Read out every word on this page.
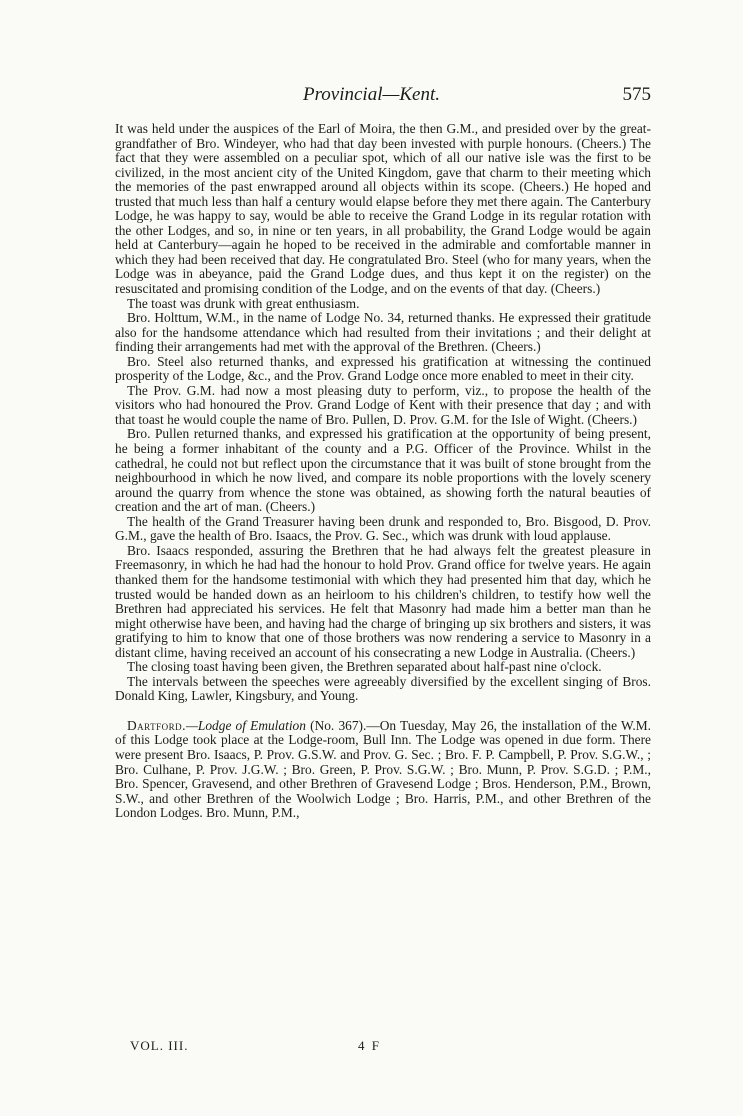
Provincial—Kent.	575

It was held under the auspices of the Earl of Moira, the then G.M., and presided over by the great-grandfather of Bro. Windeyer, who had that day been invested with purple honours. (Cheers.) The fact that they were assembled on a peculiar spot, which of all our native isle was the first to be civilized, in the most ancient city of the United Kingdom, gave that charm to their meeting which the memories of the past enwrapped around all objects within its scope. (Cheers.) He hoped and trusted that much less than half a century would elapse before they met there again. The Canterbury Lodge, he was happy to say, would be able to receive the Grand Lodge in its regular rotation with the other Lodges, and so, in nine or ten years, in all probability, the Grand Lodge would be again held at Canterbury—again he hoped to be received in the admirable and comfortable manner in which they had been received that day. He congratulated Bro. Steel (who for many years, when the Lodge was in abeyance, paid the Grand Lodge dues, and thus kept it on the register) on the resuscitated and promising condition of the Lodge, and on the events of that day. (Cheers.)

The toast was drunk with great enthusiasm.

Bro. Holttum, W.M., in the name of Lodge No. 34, returned thanks. He expressed their gratitude also for the handsome attendance which had resulted from their invitations ; and their delight at finding their arrangements had met with the approval of the Brethren. (Cheers.)

Bro. Steel also returned thanks, and expressed his gratification at witnessing the continued prosperity of the Lodge, &c., and the Prov. Grand Lodge once more enabled to meet in their city.

The Prov. G.M. had now a most pleasing duty to perform, viz., to propose the health of the visitors who had honoured the Prov. Grand Lodge of Kent with their presence that day ; and with that toast he would couple the name of Bro. Pullen, D. Prov. G.M. for the Isle of Wight. (Cheers.)

Bro. Pullen returned thanks, and expressed his gratification at the opportunity of being present, he being a former inhabitant of the county and a P.G. Officer of the Province. Whilst in the cathedral, he could not but reflect upon the circumstance that it was built of stone brought from the neighbourhood in which he now lived, and compare its noble proportions with the lovely scenery around the quarry from whence the stone was obtained, as showing forth the natural beauties of creation and the art of man. (Cheers.)

The health of the Grand Treasurer having been drunk and responded to, Bro. Bisgood, D. Prov. G.M., gave the health of Bro. Isaacs, the Prov. G. Sec., which was drunk with loud applause.

Bro. Isaacs responded, assuring the Brethren that he had always felt the greatest pleasure in Freemasonry, in which he had had the honour to hold Prov. Grand office for twelve years. He again thanked them for the handsome testimonial with which they had presented him that day, which he trusted would be handed down as an heirloom to his children's children, to testify how well the Brethren had appreciated his services. He felt that Masonry had made him a better man than he might otherwise have been, and having had the charge of bringing up six brothers and sisters, it was gratifying to him to know that one of those brothers was now rendering a service to Masonry in a distant clime, having received an account of his consecrating a new Lodge in Australia. (Cheers.)

The closing toast having been given, the Brethren separated about half-past nine o'clock.

The intervals between the speeches were agreeably diversified by the excellent singing of Bros. Donald King, Lawler, Kingsbury, and Young.

Dartford.—Lodge of Emulation (No. 367).—On Tuesday, May 26, the installation of the W.M. of this Lodge took place at the Lodge-room, Bull Inn. The Lodge was opened in due form. There were present Bro. Isaacs, P. Prov. G.S.W. and Prov. G. Sec. ; Bro. F. P. Campbell, P. Prov. S.G.W., ; Bro. Culhane, P. Prov. J.G.W. ; Bro. Green, P. Prov. S.G.W. ; Bro. Munn, P. Prov. S.G.D. ; P.M., Bro. Spencer, Gravesend, and other Brethren of Gravesend Lodge ; Bros. Henderson, P.M., Brown, S.W., and other Brethren of the Woolwich Lodge ; Bro. Harris, P.M., and other Brethren of the London Lodges. Bro. Munn, P.M.,

VOL. III.	4 F
